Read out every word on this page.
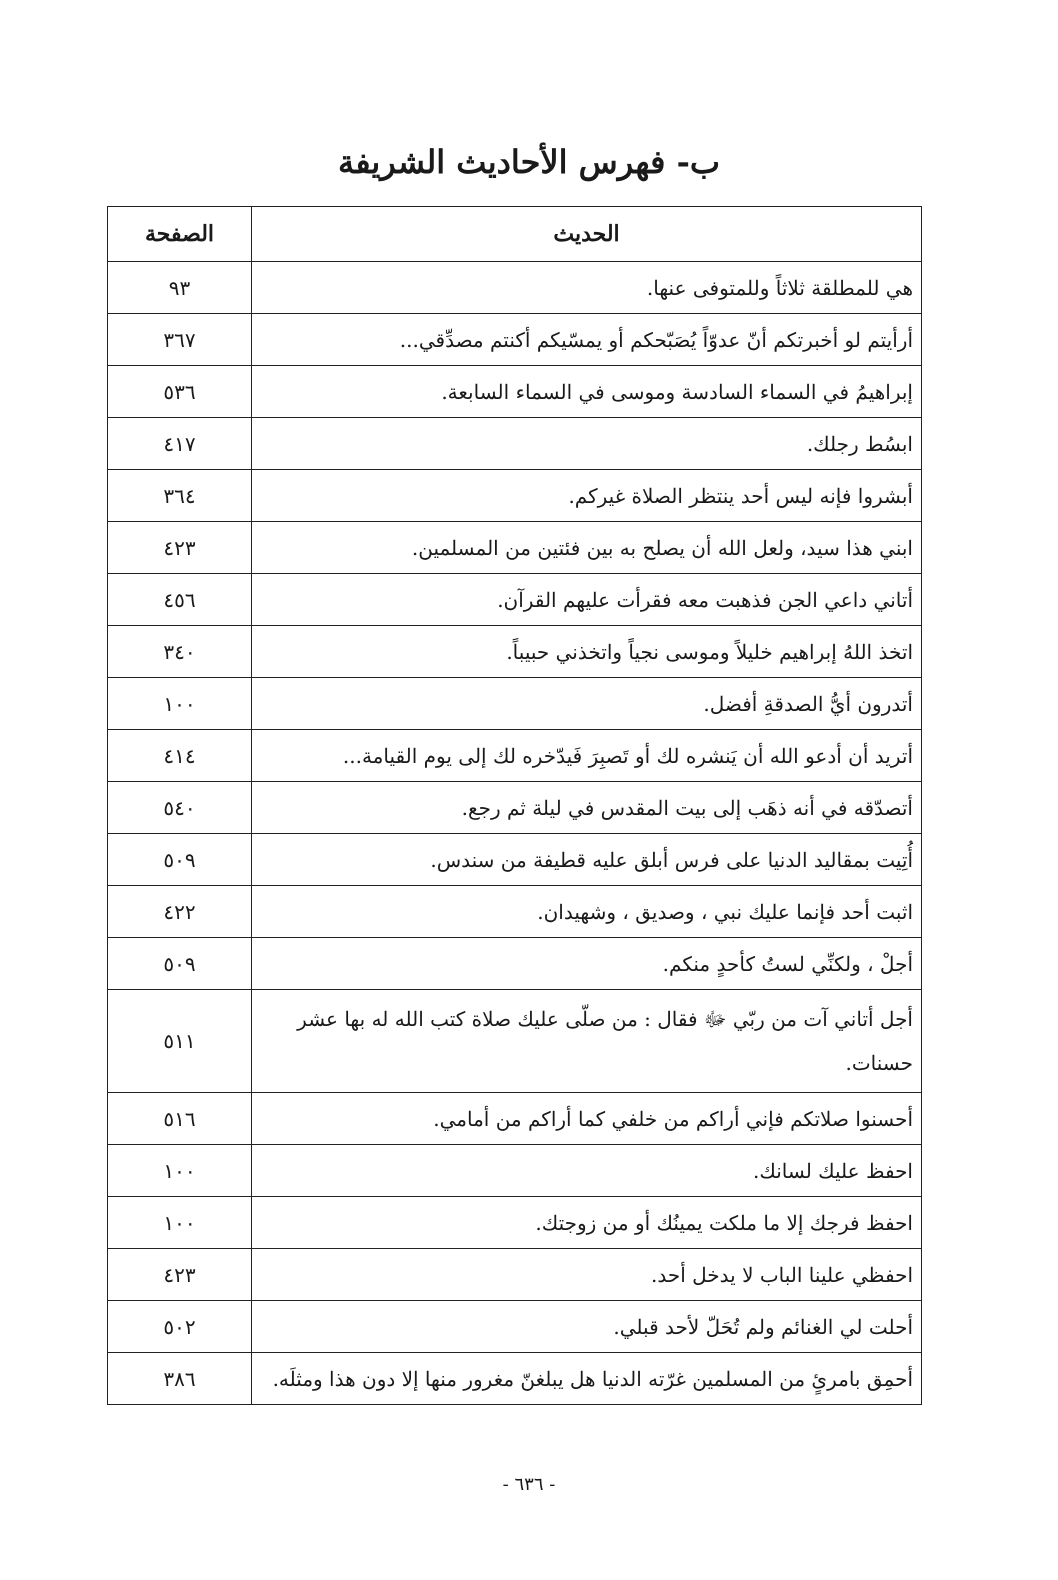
ب- فهرس الأحاديث الشريفة
الحديث	الصفحة
هي للمطلقة ثلاثاً وللمتوفى عنها.	٩٣
أرأيتم لو أخبرتكم أنّ عدوّاً يُصَبّحكم أو يمسّيكم أكنتم مصدِّقي...	٣٦٧
إبراهيمُ في السماء السادسة وموسى في السماء السابعة.	٥٣٦
ابسُط رجلك.	٤١٧
أبشروا فإنه ليس أحد ينتظر الصلاة غيركم.	٣٦٤
ابني هذا سيد، ولعل الله أن يصلح به بين فئتين من المسلمين.	٤٢٣
أتاني داعي الجن فذهبت معه فقرأت عليهم القرآن.	٤٥٦
اتخذ اللهُ إبراهيم خليلاً وموسى نجياً واتخذني حبيباً.	٣٤٠
أتدرون أيُّ الصدقةِ أفضل.	١٠٠
أتريد أن أدعو الله أن يَنشره لك أو تَصبِرَ فَيدّخره لك إلى يوم القيامة...	٤١٤
أتصدّقه في أنه ذهَب إلى بيت المقدس في ليلة ثم رجع.	٥٤٠
أُتِيت بمقاليد الدنيا على فرس أبلق عليه قطيفة من سندس.	٥٠٩
اثبت أحد فإنما عليك نبي ، وصديق ، وشهيدان.	٤٢٢
أجلْ ، ولكنِّي لستُ كأحدٍ منكم.	٥٠٩
أجل أتاني آت من ربّي ﷻ فقال : من صلّى عليك صلاة كتب الله له بها عشر حسنات.	٥١١
أحسنوا صلاتكم فإني أراكم من خلفي كما أراكم من أمامي.	٥١٦
احفظ عليك لسانك.	١٠٠
احفظ فرجك إلا ما ملكت يمينُك أو من زوجتك.	١٠٠
احفظي علينا الباب لا يدخل أحد.	٤٢٣
أحلت لي الغنائم ولم تُحَلّ لأحد قبلي.	٥٠٢
أحمِق بامرئٍ من المسلمين غرّته الدنيا هل يبلغنّ مغرور منها إلا دون هذا ومثلَه.	٣٨٦
- ٦٣٦ -
